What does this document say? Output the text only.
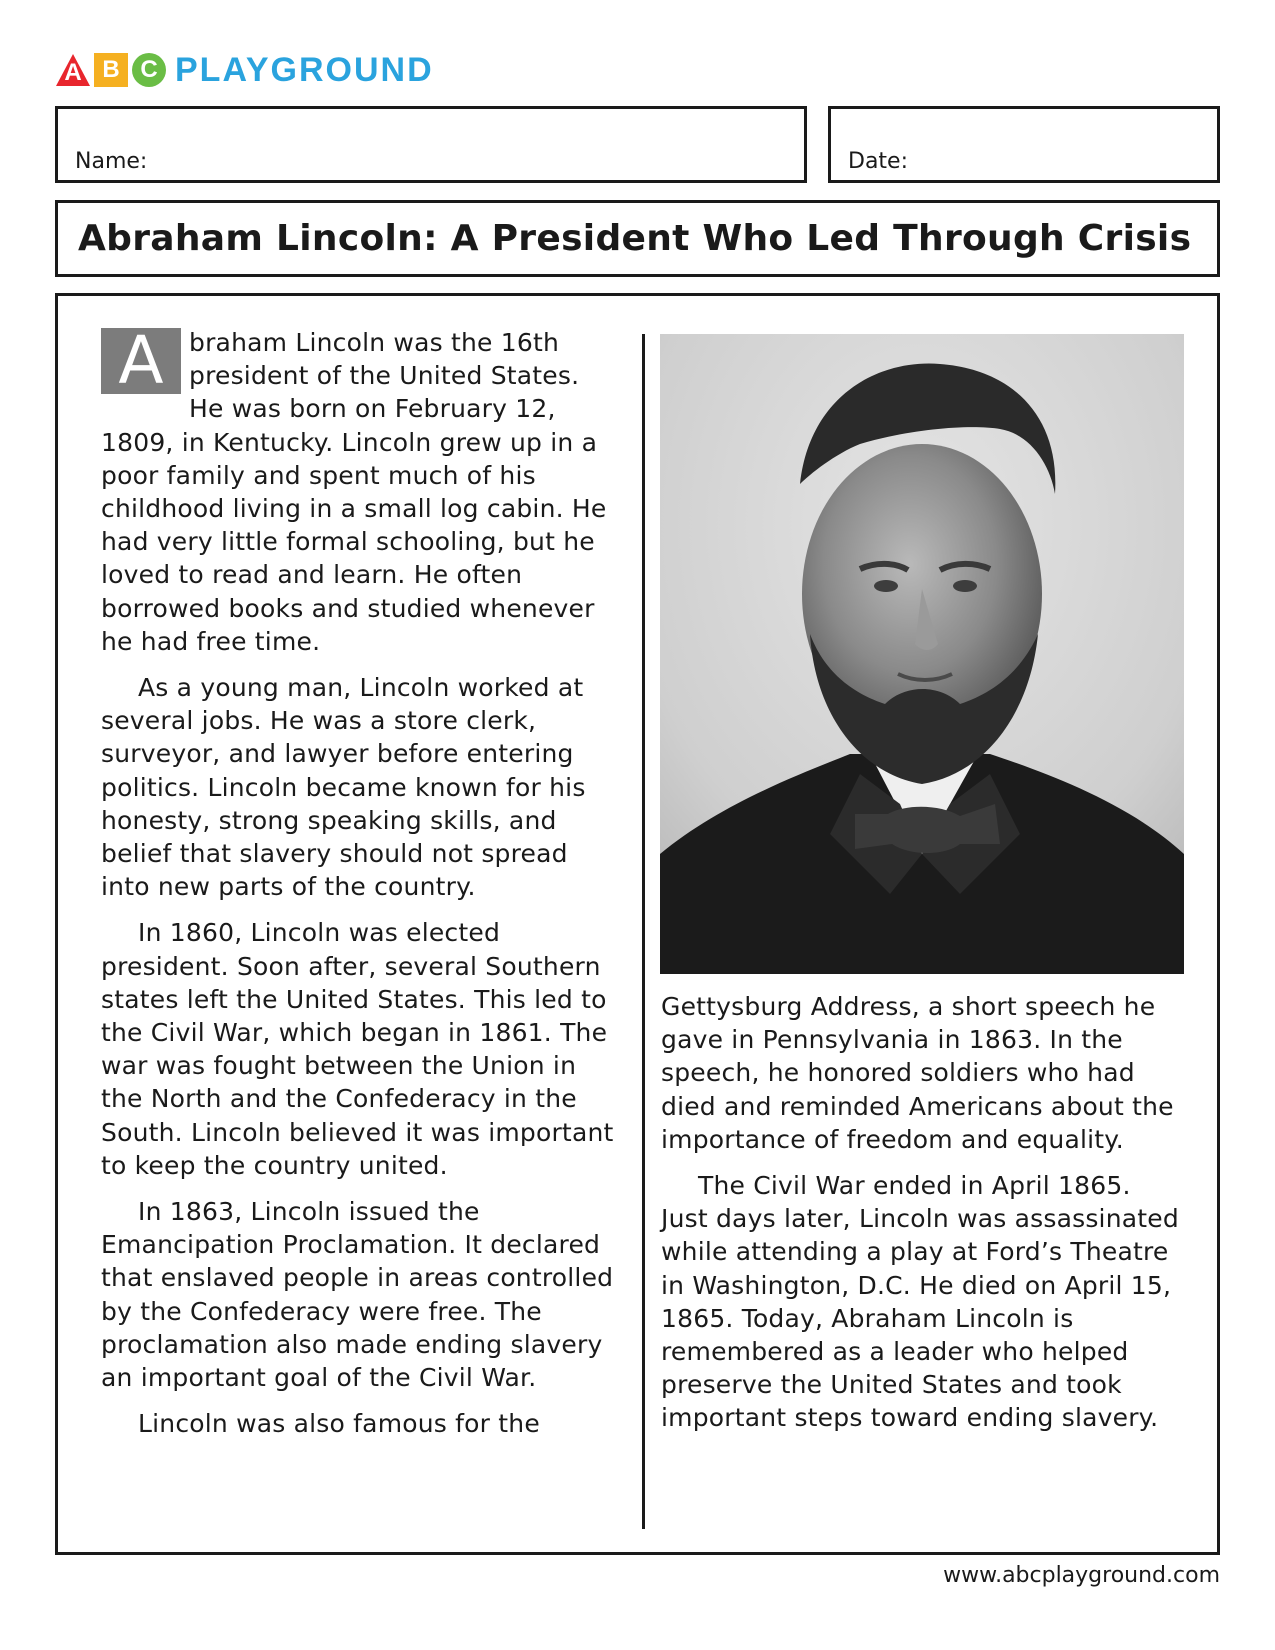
A B C PLAYGROUND
Name:	Date:
Abraham Lincoln: A President Who Led Through Crisis

A	braham Lincoln was the 16th president of the United States. He was born on February 12, 1809, in Kentucky. Lincoln grew up in a poor family and spent much of his childhood living in a small log cabin. He had very little formal schooling, but he loved to read and learn. He often borrowed books and studied whenever he had free time.

As a young man, Lincoln worked at several jobs. He was a store clerk, surveyor, and lawyer before entering politics. Lincoln became known for his honesty, strong speaking skills, and belief that slavery should not spread into new parts of the country.

In 1860, Lincoln was elected president. Soon after, several Southern states left the United States. This led to the Civil War, which began in 1861. The war was fought between the Union in the North and the Confederacy in the South. Lincoln believed it was important to keep the country united.

In 1863, Lincoln issued the Emancipation Proclamation. It declared that enslaved people in areas controlled by the Confederacy were free. The proclamation also made ending slavery an important goal of the Civil War.

Lincoln was also famous for the

Gettysburg Address, a short speech he gave in Pennsylvania in 1863. In the speech, he honored soldiers who had died and reminded Americans about the importance of freedom and equality.

The Civil War ended in April 1865. Just days later, Lincoln was assassinated while attending a play at Ford’s Theatre in Washington, D.C. He died on April 15, 1865. Today, Abraham Lincoln is remembered as a leader who helped preserve the United States and took important steps toward ending slavery.

www.abcplayground.com
